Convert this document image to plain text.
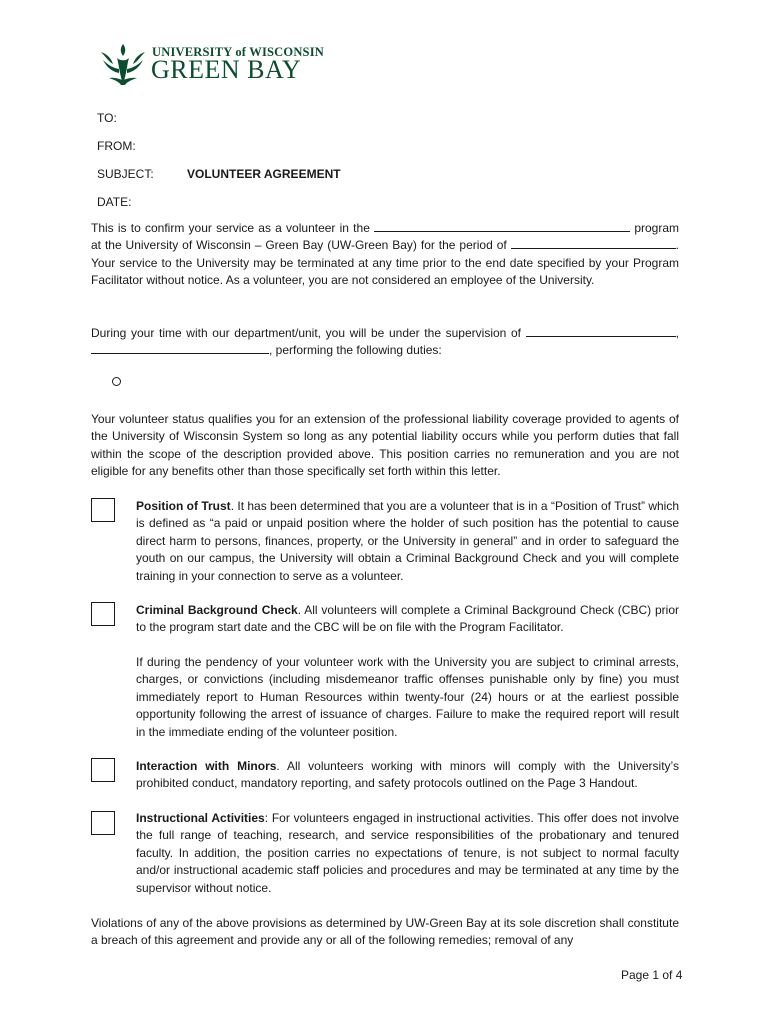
UNIVERSITY of WISCONSIN
GREEN BAY
TO:
FROM:
SUBJECT:	VOLUNTEER AGREEMENT
DATE:

This is to confirm your service as a volunteer in the	program at the University of Wisconsin – Green Bay (UW-Green Bay) for the period of	. Your service to the University may be terminated at any time prior to the end date specified by your Program Facilitator without notice. As a volunteer, you are not considered an employee of the University.

During your time with our department/unit, you will be under the supervision of	, , performing the following duties:

Your volunteer status qualifies you for an extension of the professional liability coverage provided to agents of the University of Wisconsin System so long as any potential liability occurs while you perform duties that fall within the scope of the description provided above. This position carries no remuneration and you are not eligible for any benefits other than those specifically set forth within this letter.

Position of Trust. It has been determined that you are a volunteer that is in a “Position of Trust” which is defined as “a paid or unpaid position where the holder of such position has the potential to cause direct harm to persons, finances, property, or the University in general” and in order to safeguard the youth on our campus, the University will obtain a Criminal Background Check and you will complete training in your connection to serve as a volunteer.

Criminal Background Check. All volunteers will complete a Criminal Background Check (CBC) prior to the program start date and the CBC will be on file with the Program Facilitator.

If during the pendency of your volunteer work with the University you are subject to criminal arrests, charges, or convictions (including misdemeanor traffic offenses punishable only by fine) you must immediately report to Human Resources within twenty-four (24) hours or at the earliest possible opportunity following the arrest of issuance of charges. Failure to make the required report will result in the immediate ending of the volunteer position.

Interaction with Minors. All volunteers working with minors will comply with the University’s prohibited conduct, mandatory reporting, and safety protocols outlined on the Page 3 Handout.

Instructional Activities: For volunteers engaged in instructional activities. This offer does not involve the full range of teaching, research, and service responsibilities of the probationary and tenured faculty. In addition, the position carries no expectations of tenure, is not subject to normal faculty and/or instructional academic staff policies and procedures and may be terminated at any time by the supervisor without notice.

Violations of any of the above provisions as determined by UW-Green Bay at its sole discretion shall constitute a breach of this agreement and provide any or all of the following remedies; removal of any

Page 1 of 4
